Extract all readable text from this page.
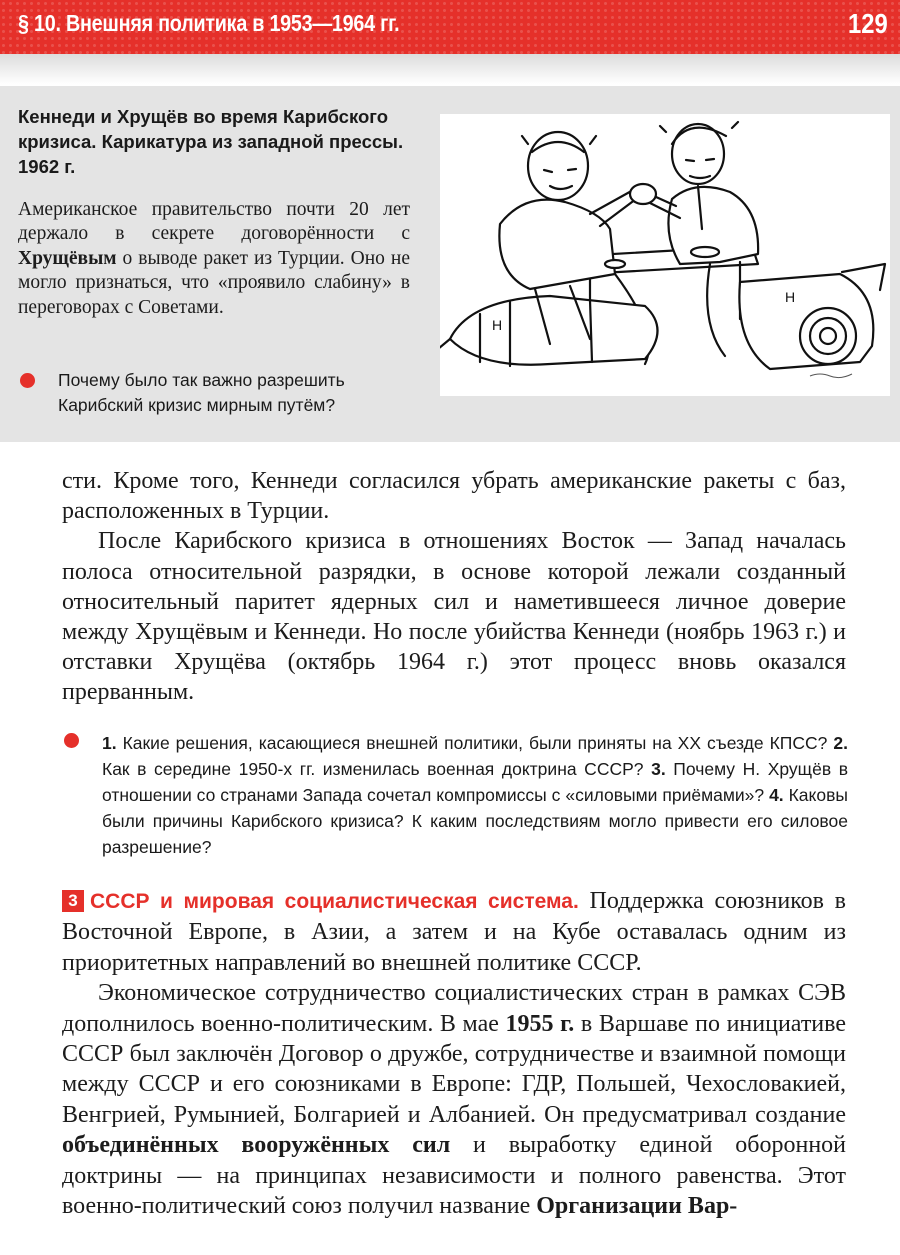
§ 10. Внешняя политика в 1953—1964 гг.	129
Кеннеди и Хрущёв во время Карибского кризиса. Карикатура из западной прессы. 1962 г.
Американское правительство почти 20 лет держало в секрете договорённости с Хрущёвым о выводе ракет из Турции. Оно не могло признаться, что «проявило слабину» в переговорах с Советами.
Почему было так важно разрешить Карибский кризис мирным путём?
H
H

сти. Кроме того, Кеннеди согласился убрать американские ракеты с баз, расположенных в Турции.

После Карибского кризиса в отношениях Восток — Запад началась полоса относительной разрядки, в основе которой лежали созданный относительный паритет ядерных сил и наметившееся личное доверие между Хрущёвым и Кеннеди. Но после убийства Кеннеди (ноябрь 1963 г.) и отставки Хрущёва (октябрь 1964 г.) этот процесс вновь оказался прерванным.

1. Какие решения, касающиеся внешней политики, были приняты на XX съезде КПСС? 2. Как в середине 1950-х гг. изменилась военная доктрина СССР? 3. Почему Н. Хрущёв в отношении со странами Запада сочетал компромиссы с «силовыми приёмами»? 4. Каковы были причины Карибского кризиса? К каким последствиям могло привести его силовое разрешение?

3 СССР и мировая социалистическая система. Поддержка союзников в Восточной Европе, в Азии, а затем и на Кубе оставалась одним из приоритетных направлений во внешней политике СССР.

Экономическое сотрудничество социалистических стран в рамках СЭВ дополнилось военно-политическим. В мае 1955 г. в Варшаве по инициативе СССР был заключён Договор о дружбе, сотрудничестве и взаимной помощи между СССР и его союзниками в Европе: ГДР, Польшей, Чехословакией, Венгрией, Румынией, Болгарией и Албанией. Он предусматривал создание объединённых вооружённых сил и выработку единой оборонной доктрины — на принципах независимости и полного равенства. Этот военно-политический союз получил название Организации Вар-
